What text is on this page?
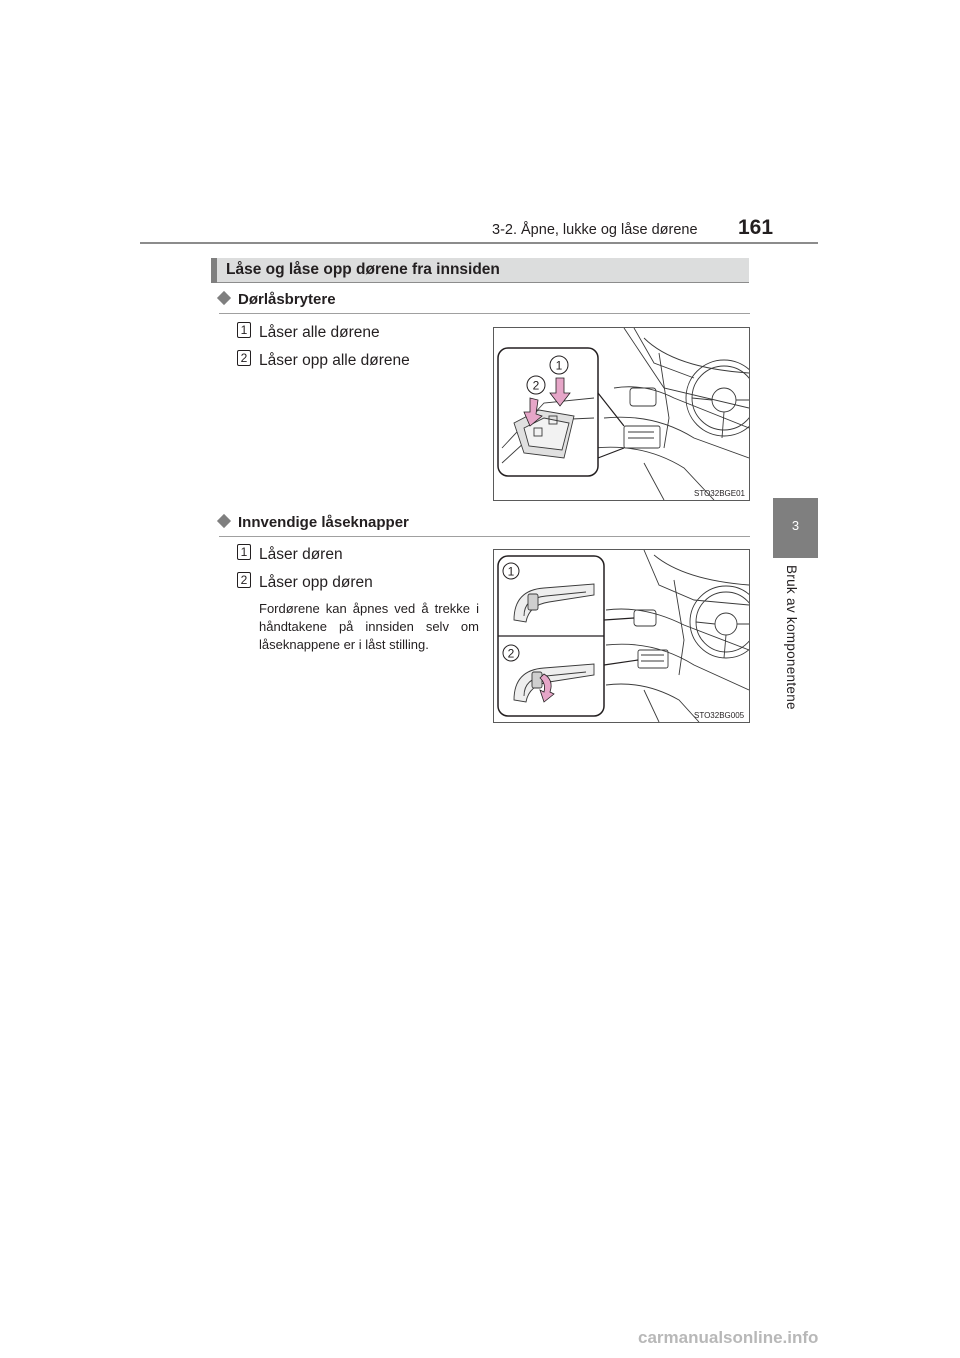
3-2. Åpne, lukke og låse dørene 161
3
Bruk av komponentene
Låse og låse opp dørene fra innsiden
Dørlåsbrytere
1 Låser alle dørene
2 Låser opp alle dørene	1
2
STO32BGE01
Innvendige låseknapper
1 Låser døren
2 Låser opp døren
Fordørene kan åpnes ved å trekke i håndtakene på innsiden selv om låseknappene er i låst stilling.
1
2
STO32BG005
carmanualsonline.info
